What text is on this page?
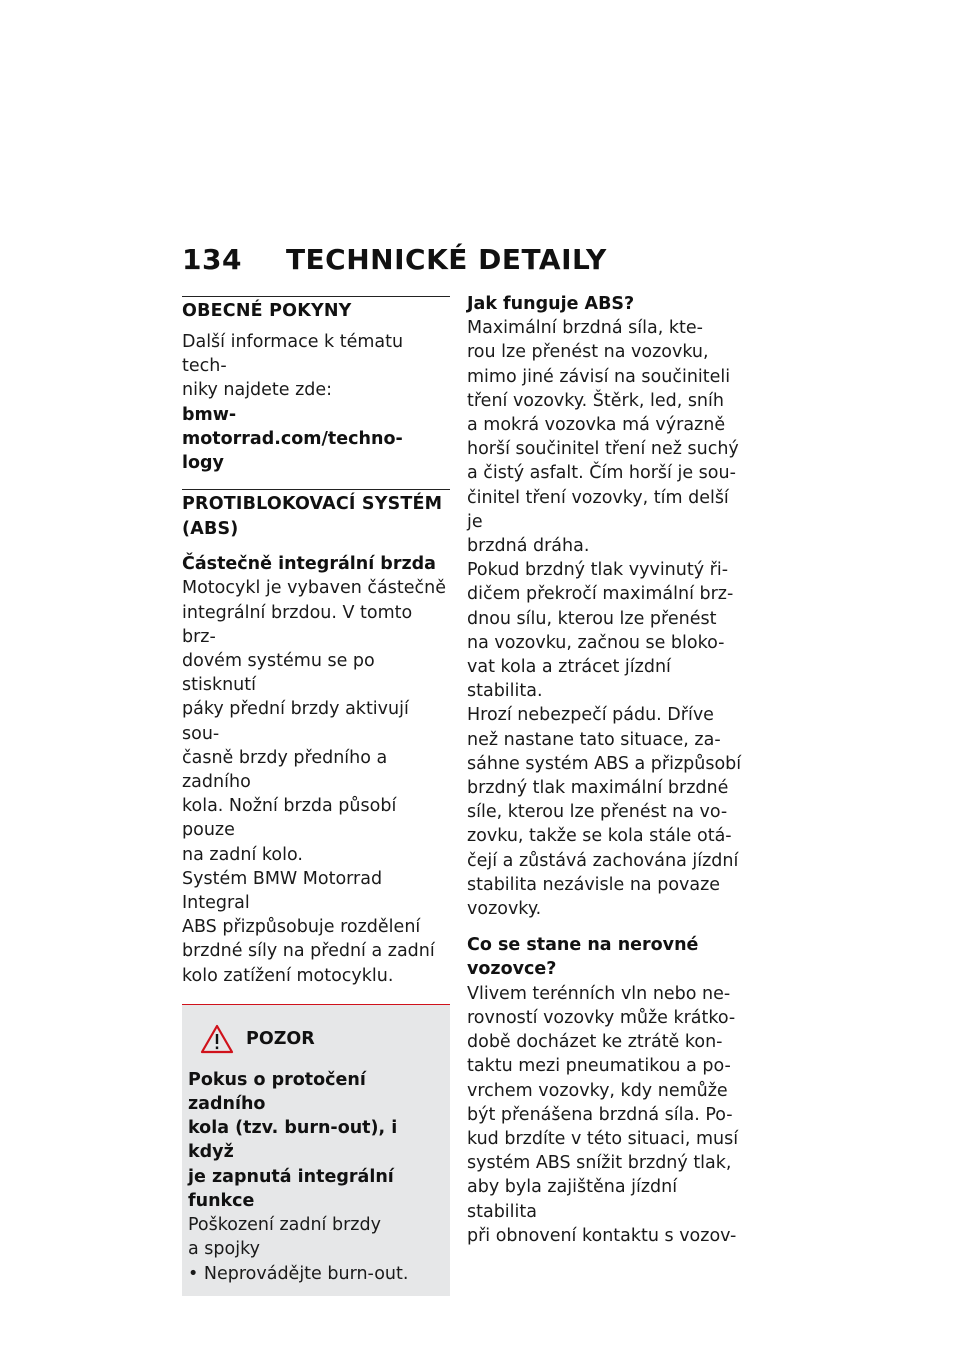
134 TECHNICKÉ DETAILY
OBECNÉ POKYNY

Další informace k tématu tech-
niky najdete zde:

bmw-motorrad.com/techno-
logy

PROTIBLOKOVACÍ SYSTÉM
(ABS)
Částečně integrální brzda

Motocykl je vybaven částečně
integrální brzdou. V tomto brz-
dovém systému se po stisknutí
páky přední brzdy aktivují sou-
časně brzdy předního a zadního
kola. Nožní brzda působí pouze
na zadní kolo.

Systém BMW Motorrad Integral
ABS přizpůsobuje rozdělení
brzdné síly na přední a zadní
kolo zatížení motocyklu.

POZOR

Pokus o protočení zadního
kola (tzv. burn-out), i když
je zapnutá integrální funkce

Poškození zadní brzdy
a spojky

• Neprovádějte burn-out.

Jak funguje ABS?

Maximální brzdná síla, kte-
rou lze přenést na vozovku,
mimo jiné závisí na součiniteli
tření vozovky. Štěrk, led, sníh
a mokrá vozovka má výrazně
horší součinitel tření než suchý
a čistý asfalt. Čím horší je sou-
činitel tření vozovky, tím delší je
brzdná dráha.

Pokud brzdný tlak vyvinutý ři-
dičem překročí maximální brz-
dnou sílu, kterou lze přenést
na vozovku, začnou se bloko-
vat kola a ztrácet jízdní stabilita.
Hrozí nebezpečí pádu. Dříve
než nastane tato situace, za-
sáhne systém ABS a přizpůsobí
brzdný tlak maximální brzdné
síle, kterou lze přenést na vo-
zovku, takže se kola stále otá-
čejí a zůstává zachována jízdní
stabilita nezávisle na povaze
vozovky.

Co se stane na nerovné
vozovce?

Vlivem terénních vln nebo ne-
rovností vozovky může krátko-
době docházet ke ztrátě kon-
taktu mezi pneumatikou a po-
vrchem vozovky, kdy nemůže
být přenášena brzdná síla. Po-
kud brzdíte v této situaci, musí
systém ABS snížit brzdný tlak,
aby byla zajištěna jízdní stabilita
při obnovení kontaktu s vozov-
